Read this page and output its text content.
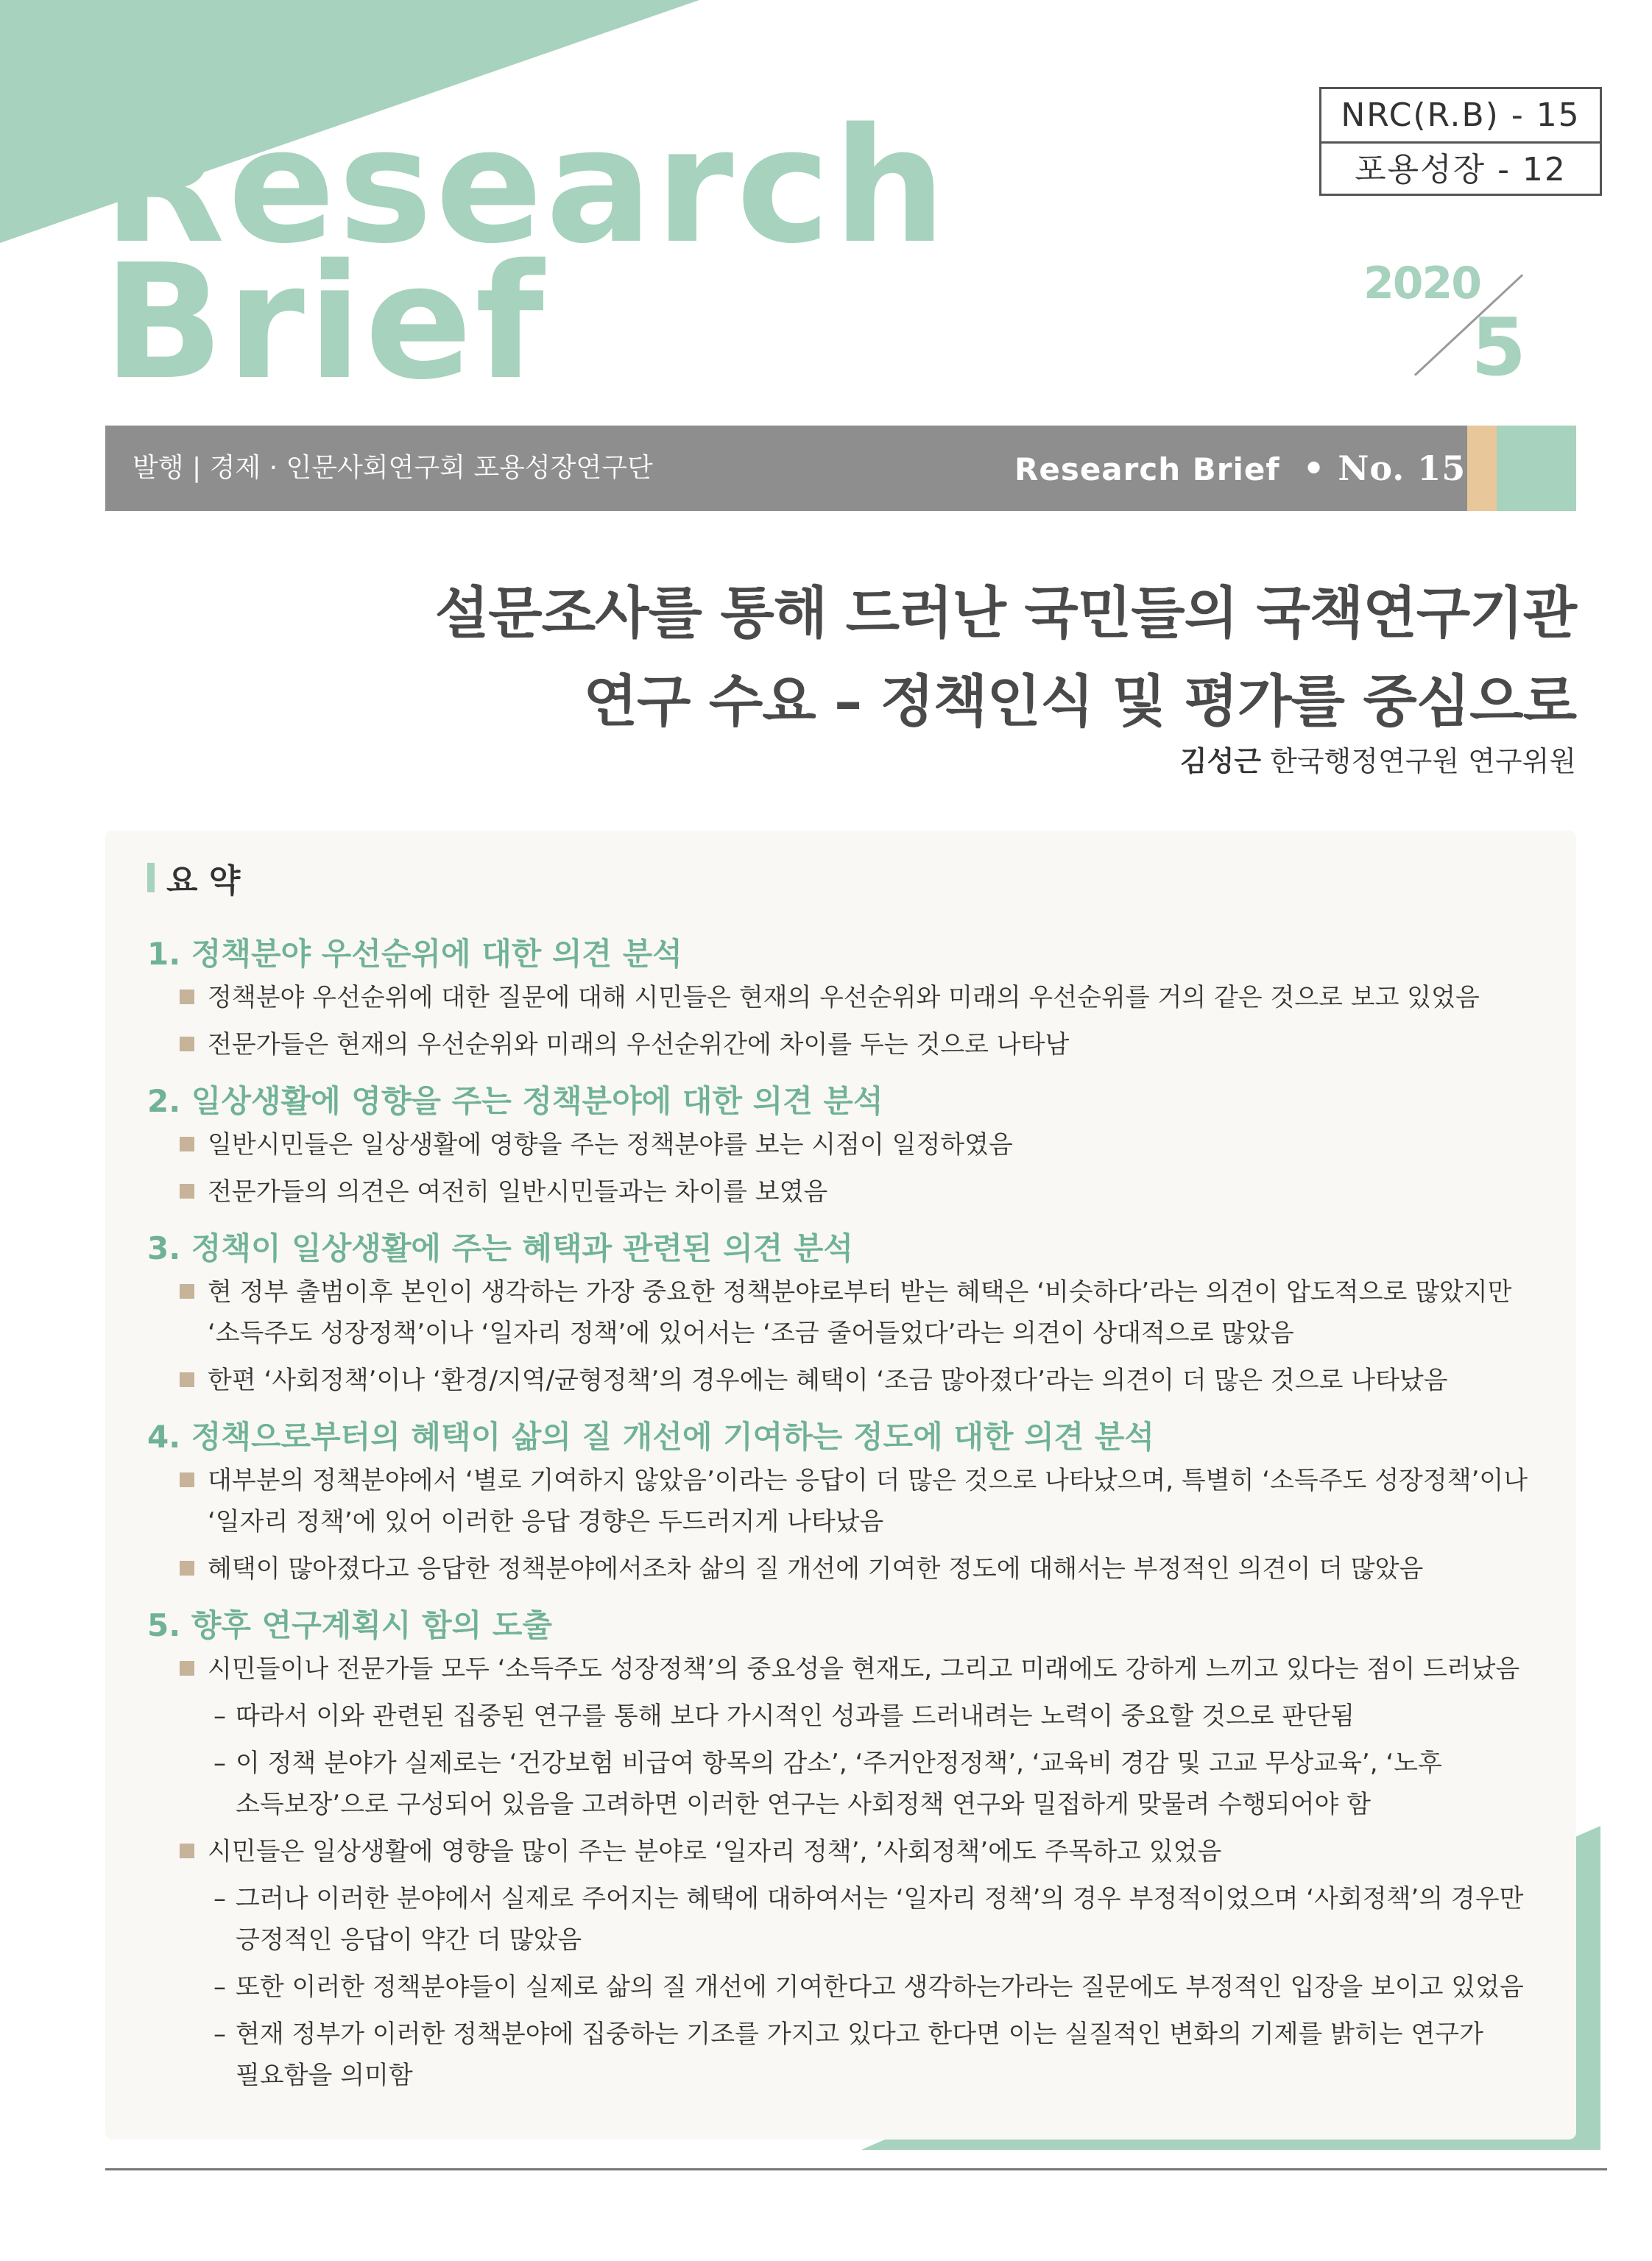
Research
Brief
NRC(R.B) - 15
포용성장 - 12
2020
5
발행 | 경제 · 인문사회연구회 포용성장연구단	Research Brief • No. 15
설문조사를 통해 드러난 국민들의 국책연구기관
연구 수요 – 정책인식 및 평가를 중심으로
김성근 한국행정연구원 연구위원
요 약
1. 정책분야 우선순위에 대한 의견 분석
정책분야 우선순위에 대한 질문에 대해 시민들은 현재의 우선순위와 미래의 우선순위를 거의 같은 것으로 보고 있었음
전문가들은 현재의 우선순위와 미래의 우선순위간에 차이를 두는 것으로 나타남
2. 일상생활에 영향을 주는 정책분야에 대한 의견 분석
일반시민들은 일상생활에 영향을 주는 정책분야를 보는 시점이 일정하였음
전문가들의 의견은 여전히 일반시민들과는 차이를 보였음
3. 정책이 일상생활에 주는 혜택과 관련된 의견 분석
현 정부 출범이후 본인이 생각하는 가장 중요한 정책분야로부터 받는 혜택은 ‘비슷하다’라는 의견이 압도적으로 많았지만
‘소득주도 성장정책’이나 ‘일자리 정책’에 있어서는 ‘조금 줄어들었다’라는 의견이 상대적으로 많았음
한편 ‘사회정책’이나 ‘환경/지역/균형정책’의 경우에는 혜택이 ‘조금 많아졌다’라는 의견이 더 많은 것으로 나타났음
4. 정책으로부터의 혜택이 삶의 질 개선에 기여하는 정도에 대한 의견 분석
대부분의 정책분야에서 ‘별로 기여하지 않았음’이라는 응답이 더 많은 것으로 나타났으며, 특별히 ‘소득주도 성장정책’이나
‘일자리 정책’에 있어 이러한 응답 경향은 두드러지게 나타났음
혜택이 많아졌다고 응답한 정책분야에서조차 삶의 질 개선에 기여한 정도에 대해서는 부정적인 의견이 더 많았음
5. 향후 연구계획시 함의 도출
시민들이나 전문가들 모두 ‘소득주도 성장정책’의 중요성을 현재도, 그리고 미래에도 강하게 느끼고 있다는 점이 드러났음
– 따라서 이와 관련된 집중된 연구를 통해 보다 가시적인 성과를 드러내려는 노력이 중요할 것으로 판단됨
– 이 정책 분야가 실제로는 ‘건강보험 비급여 항목의 감소’, ‘주거안정정책’, ‘교육비 경감 및 고교 무상교육’, ‘노후
소득보장’으로 구성되어 있음을 고려하면 이러한 연구는 사회정책 연구와 밀접하게 맞물려 수행되어야 함
시민들은 일상생활에 영향을 많이 주는 분야로 ‘일자리 정책’, ’사회정책’에도 주목하고 있었음
– 그러나 이러한 분야에서 실제로 주어지는 혜택에 대하여서는 ‘일자리 정책’의 경우 부정적이었으며 ‘사회정책’의 경우만
긍정적인 응답이 약간 더 많았음
– 또한 이러한 정책분야들이 실제로 삶의 질 개선에 기여한다고 생각하는가라는 질문에도 부정적인 입장을 보이고 있었음
– 현재 정부가 이러한 정책분야에 집중하는 기조를 가지고 있다고 한다면 이는 실질적인 변화의 기제를 밝히는 연구가
필요함을 의미함
